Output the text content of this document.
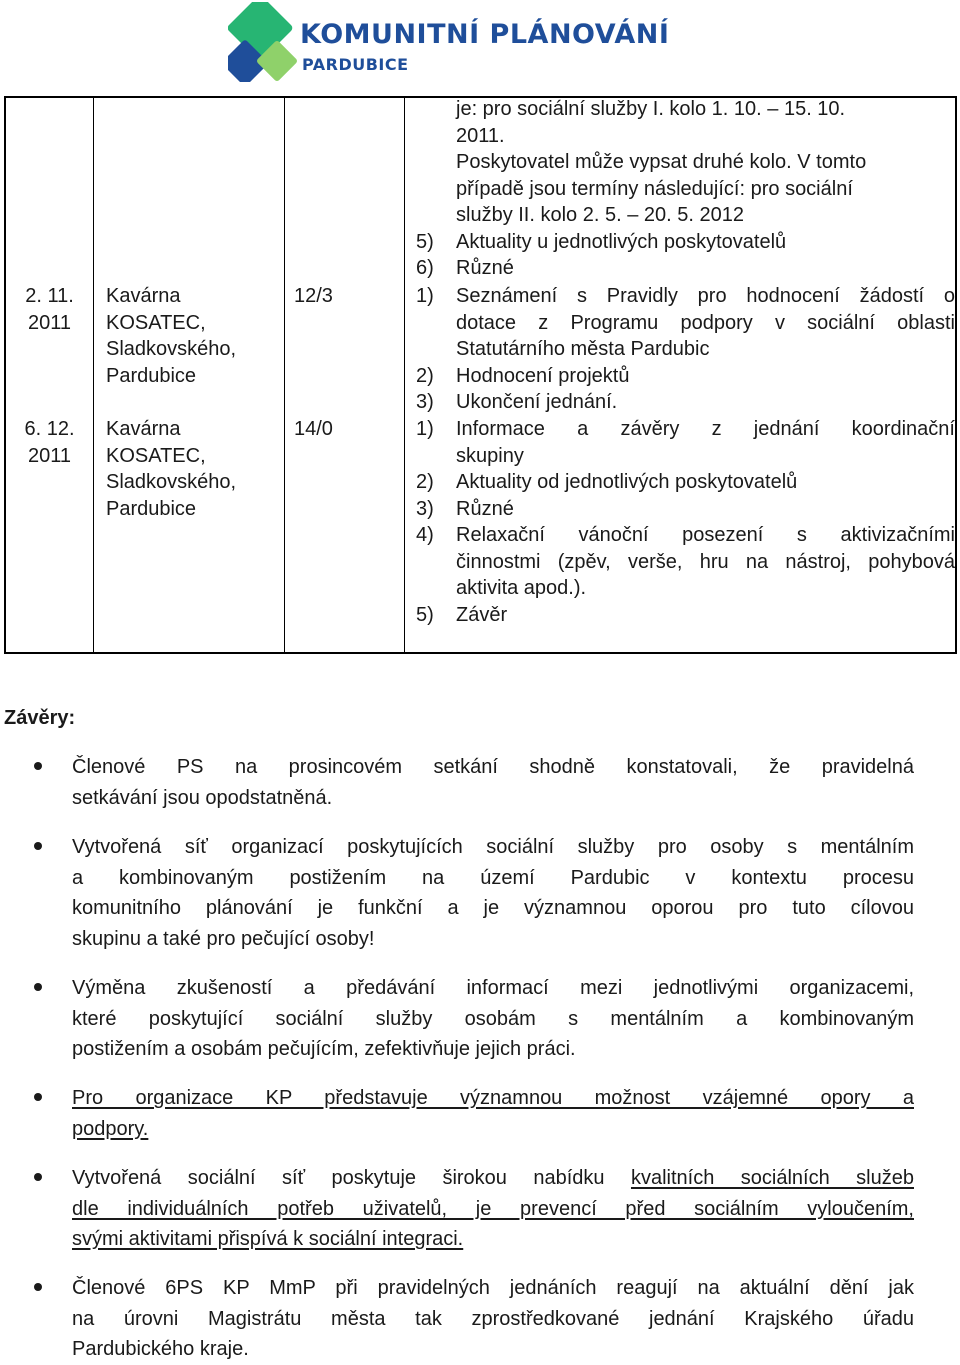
KOMUNITNÍ PLÁNOVÁNÍ
PARDUBICE
je: pro sociální služby I. kolo 1. 10. – 15. 10.
2011.
Poskytovatel může vypsat druhé kolo. V tomto
případě jsou termíny následující: pro sociální
služby II. kolo 2. 5. – 20. 5. 2012
5) Aktuality u jednotlivých poskytovatelů
6) Různé
2. 11.
2011
Kavárna
KOSATEC,
Sladkovského,
Pardubice
12/3	1) Seznámení s Pravidly pro hodnocení žádostí o
dotace z Programu podpory v sociální oblasti
Statutárního města Pardubic
2) Hodnocení projektů
3) Ukončení jednání.
6. 12.
2011
Kavárna
KOSATEC,
Sladkovského,
Pardubice
14/0	1) Informace a závěry z jednání koordinační
skupiny
2) Aktuality od jednotlivých poskytovatelů
3) Různé
4) Relaxační vánoční posezení s aktivizačními
činnostmi (zpěv, verše, hru na nástroj, pohybová
aktivita apod.).
5) Závěr
Závěry:
Členové PS na prosincovém setkání shodně konstatovali, že pravidelná
setkávání jsou opodstatněná.
Vytvořená síť organizací poskytujících sociální služby pro osoby s mentálním
a kombinovaným postižením na území Pardubic v kontextu procesu
komunitního plánování je funkční a je významnou oporou pro tuto cílovou
skupinu a také pro pečující osoby!
Výměna zkušeností a předávání informací mezi jednotlivými organizacemi,
které poskytující sociální služby osobám s mentálním a kombinovaným
postižením a osobám pečujícím, zefektivňuje jejich práci.
Pro organizace KP představuje významnou možnost vzájemné opory a
podpory.
Vytvořená sociální síť poskytuje širokou nabídku kvalitních sociálních služeb
dle individuálních potřeb uživatelů, je prevencí před sociálním vyloučením,
svými aktivitami přispívá k sociální integraci.
Členové 6PS KP MmP při pravidelných jednáních reagují na aktuální dění jak
na úrovni Magistrátu města tak zprostředkované jednání Krajského úřadu
Pardubického kraje.
